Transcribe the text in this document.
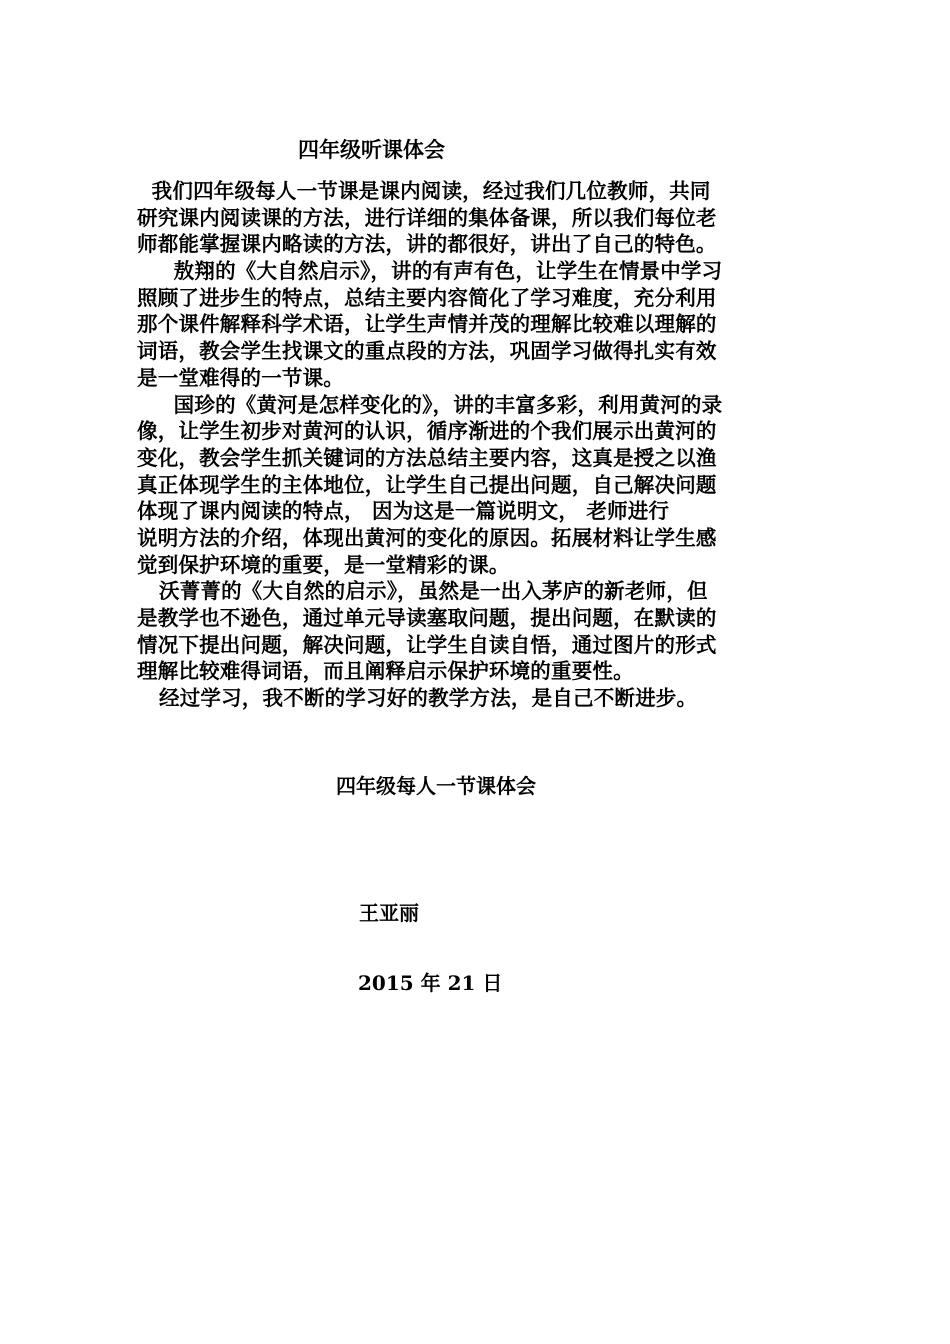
四年级听课体会
我们四年级每人一节课是课内阅读，经过我们几位教师，共同
研究课内阅读课的方法，进行详细的集体备课，所以我们每位老
师都能掌握课内略读的方法，讲的都很好，讲出了自己的特色。
敖翔的《大自然启示》，讲的有声有色，让学生在情景中学习
照顾了进步生的特点，总结主要内容简化了学习难度，充分利用
那个课件解释科学术语，让学生声情并茂的理解比较难以理解的
词语，教会学生找课文的重点段的方法，巩固学习做得扎实有效
是一堂难得的一节课。
国珍的《黄河是怎样变化的》，讲的丰富多彩，利用黄河的录
像，让学生初步对黄河的认识，循序渐进的个我们展示出黄河的
变化，教会学生抓关键词的方法总结主要内容，这真是授之以渔
真正体现学生的主体地位，让学生自己提出问题，自己解决问题
体现了课内阅读的特点， 因为这是一篇说明文， 老师进行
说明方法的介绍，体现出黄河的变化的原因。拓展材料让学生感
觉到保护环境的重要，是一堂精彩的课。
沃菁菁的《大自然的启示》，虽然是一出入茅庐的新老师，但
是教学也不逊色，通过单元导读塞取问题，提出问题，在默读的
情况下提出问题，解决问题，让学生自读自悟，通过图片的形式
理解比较难得词语，而且阐释启示保护环境的重要性。
经过学习，我不断的学习好的教学方法，是自己不断进步。
四年级每人一节课体会
王亚丽
2015 年 21 日
